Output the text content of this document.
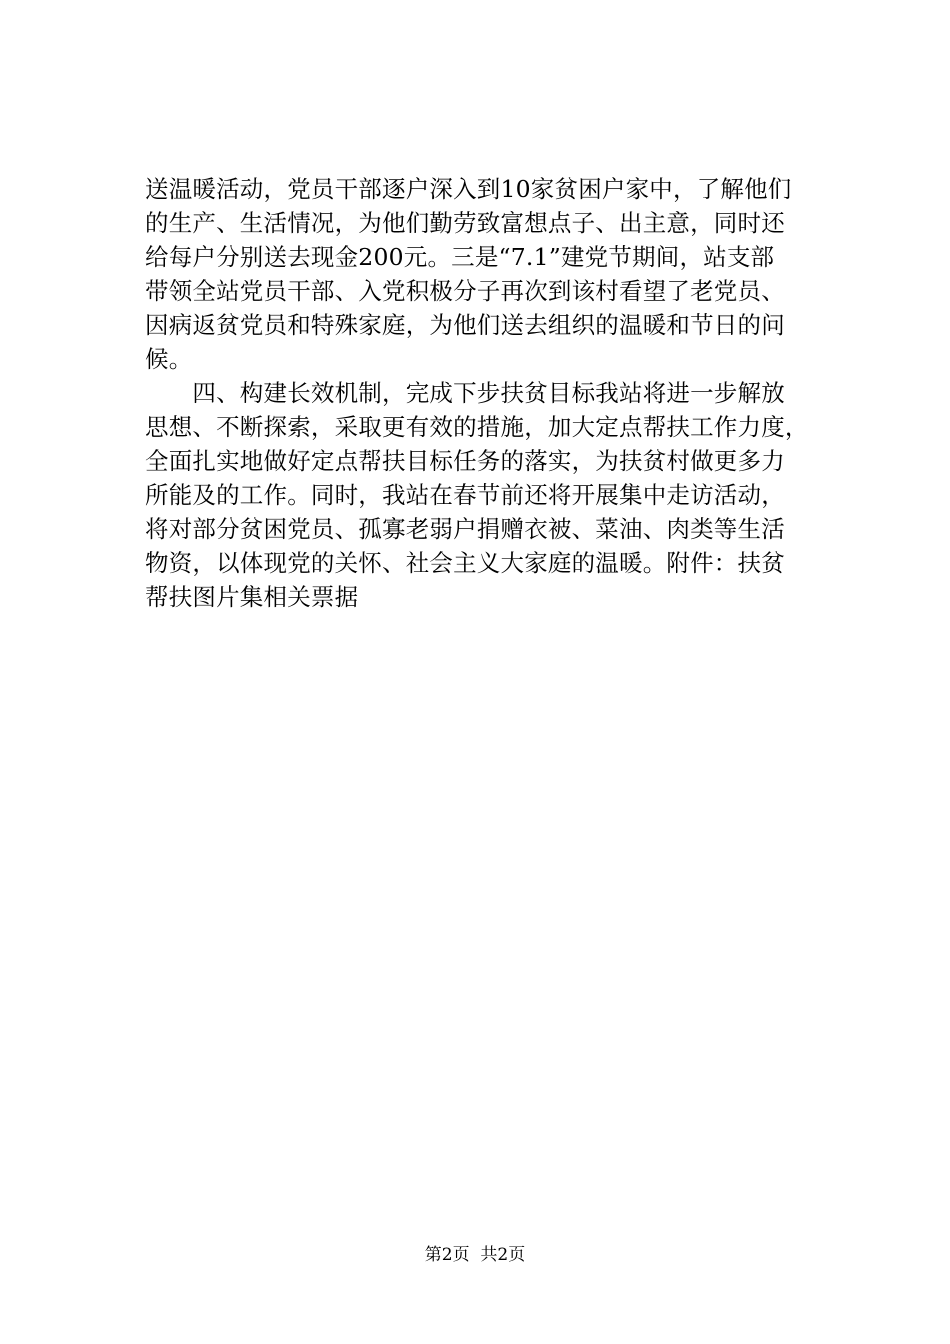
送温暖活动，党员干部逐户深入到10家贫困户家中，了解他们
的生产、生活情况，为他们勤劳致富想点子、出主意，同时还
给每户分别送去现金200元。三是“7.1”建党节期间，站支部
带领全站党员干部、入党积极分子再次到该村看望了老党员、
因病返贫党员和特殊家庭，为他们送去组织的温暖和节日的问
候。
　　四、构建长效机制，完成下步扶贫目标我站将进一步解放
思想、不断探索，采取更有效的措施，加大定点帮扶工作力度，
全面扎实地做好定点帮扶目标任务的落实，为扶贫村做更多力
所能及的工作。同时，我站在春节前还将开展集中走访活动，
将对部分贫困党员、孤寡老弱户捐赠衣被、菜油、肉类等生活
物资，以体现党的关怀、社会主义大家庭的温暖。附件：扶贫
帮扶图片集相关票据
第2页  共2页
